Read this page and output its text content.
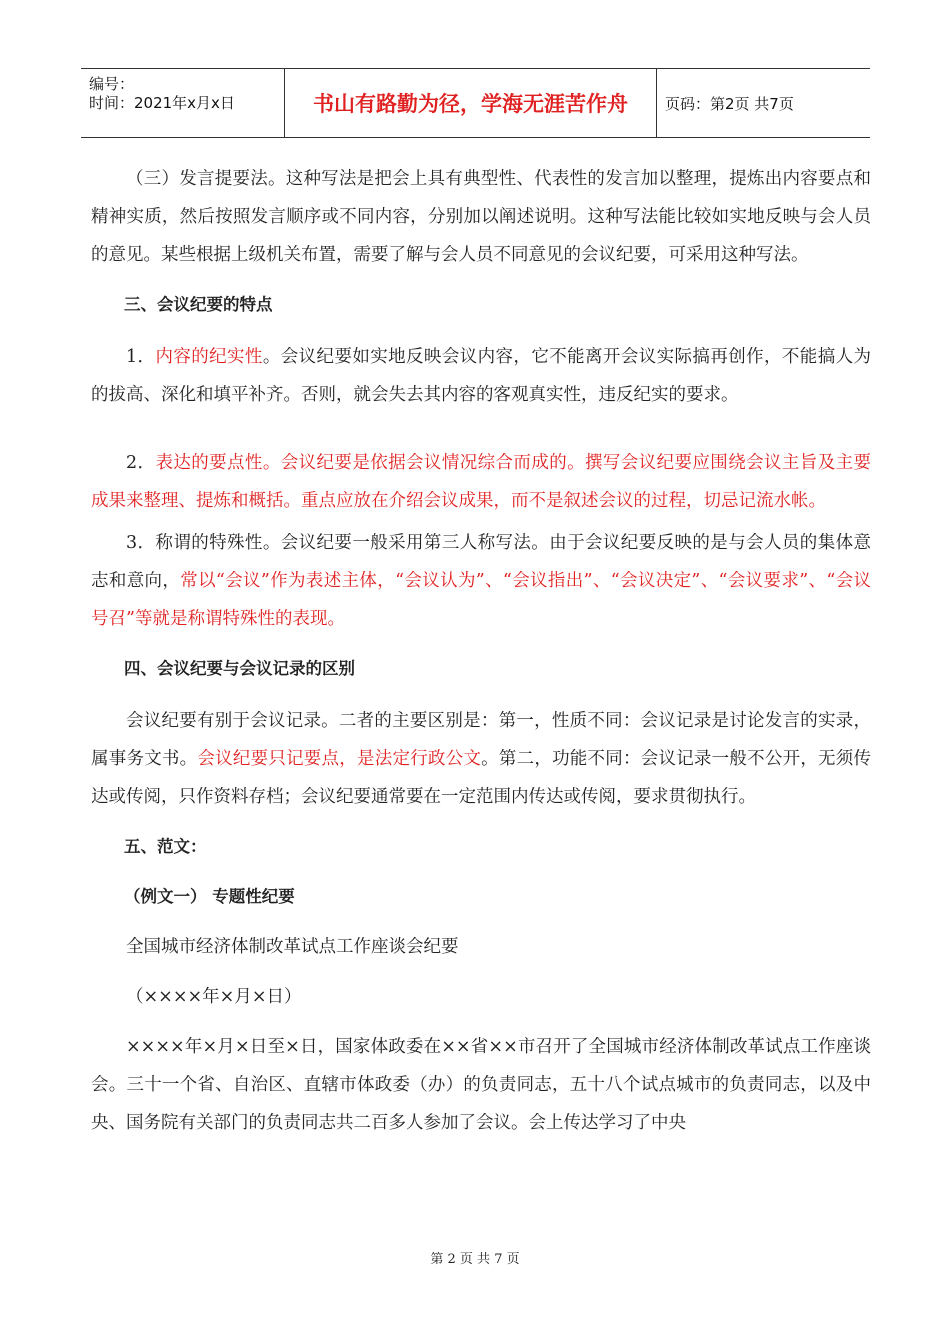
编号：
时间：2021年x月x日	书山有路勤为径，学海无涯苦作舟	页码：第2页 共7页

（三）发言提要法。这种写法是把会上具有典型性、代表性的发言加以整理，提炼出内容要点和精神实质，然后按照发言顺序或不同内容，分别加以阐述说明。这种写法能比较如实地反映与会人员的意见。某些根据上级机关布置，需要了解与会人员不同意见的会议纪要，可采用这种写法。

三、会议纪要的特点

1．内容的纪实性。会议纪要如实地反映会议内容，它不能离开会议实际搞再创作，不能搞人为的拔高、深化和填平补齐。否则，就会失去其内容的客观真实性，违反纪实的要求。

2．表达的要点性。会议纪要是依据会议情况综合而成的。撰写会议纪要应围绕会议主旨及主要成果来整理、提炼和概括。重点应放在介绍会议成果，而不是叙述会议的过程，切忌记流水帐。

3．称谓的特殊性。会议纪要一般采用第三人称写法。由于会议纪要反映的是与会人员的集体意志和意向，常以“会议”作为表述主体，“会议认为”、“会议指出”、“会议决定”、“会议要求”、“会议号召”等就是称谓特殊性的表现。

四、会议纪要与会议记录的区别

会议纪要有别于会议记录。二者的主要区别是：第一，性质不同：会议记录是讨论发言的实录，属事务文书。会议纪要只记要点，是法定行政公文。第二，功能不同：会议记录一般不公开，无须传达或传阅，只作资料存档；会议纪要通常要在一定范围内传达或传阅，要求贯彻执行。

五、范文：

（例文一） 专题性纪要

全国城市经济体制改革试点工作座谈会纪要

（××××年×月×日）

××××年×月×日至×日，国家体政委在××省××市召开了全国城市经济体制改革试点工作座谈会。三十一个省、自治区、直辖市体政委（办）的负责同志，五十八个试点城市的负责同志，以及中央、国务院有关部门的负责同志共二百多人参加了会议。会上传达学习了中央

第 2 页 共 7 页
